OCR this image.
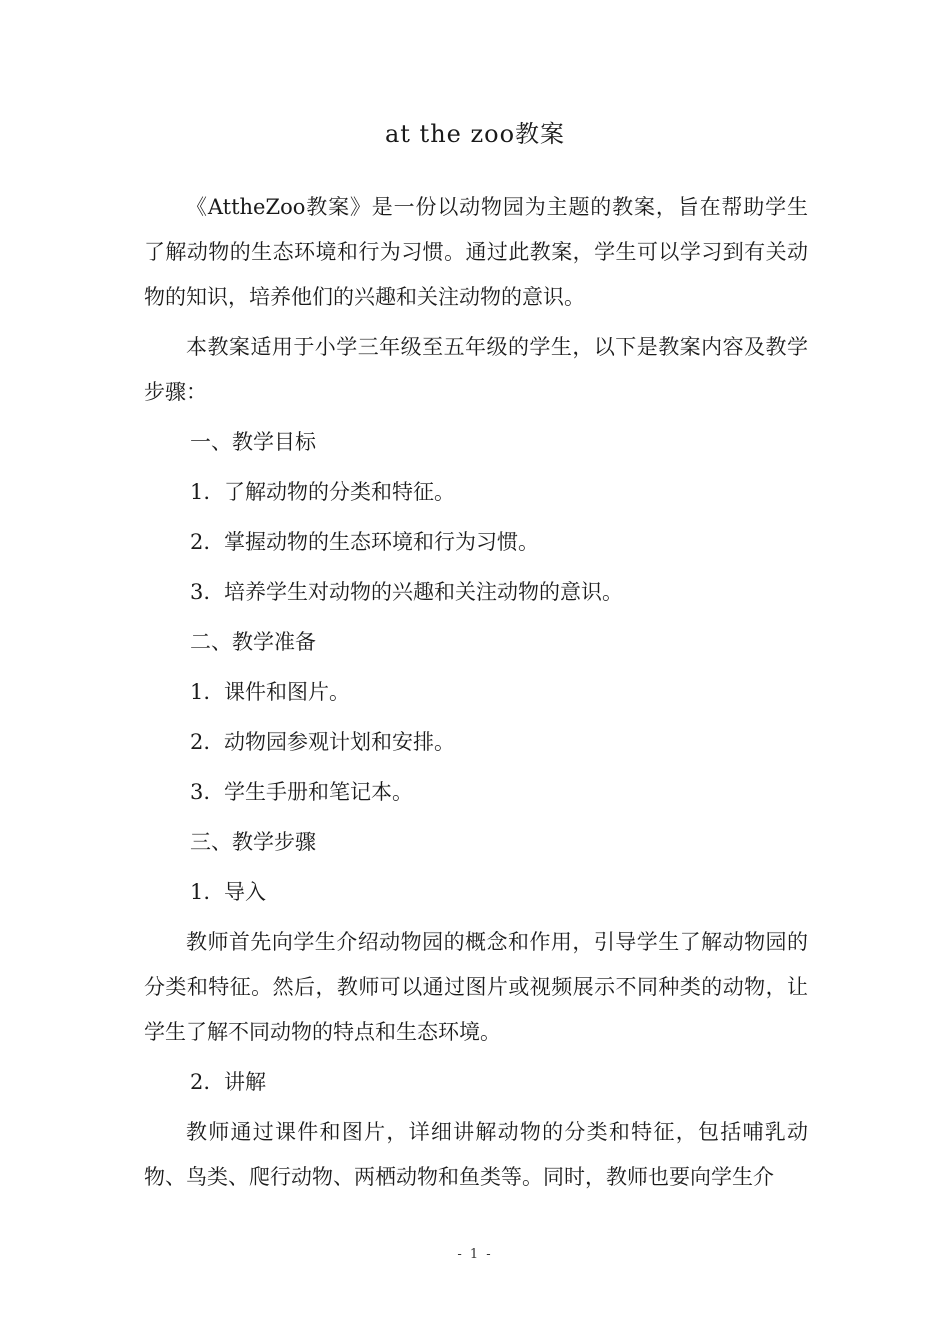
at the zoo教案

《AttheZoo教案》是一份以动物园为主题的教案，旨在帮助学生了解动物的生态环境和行为习惯。通过此教案，学生可以学习到有关动物的知识，培养他们的兴趣和关注动物的意识。

本教案适用于小学三年级至五年级的学生，以下是教案内容及教学步骤：

一、教学目标
1. 了解动物的分类和特征。
2. 掌握动物的生态环境和行为习惯。
3. 培养学生对动物的兴趣和关注动物的意识。
二、教学准备
1. 课件和图片。
2. 动物园参观计划和安排。
3. 学生手册和笔记本。
三、教学步骤
1. 导入

教师首先向学生介绍动物园的概念和作用，引导学生了解动物园的分类和特征。然后，教师可以通过图片或视频展示不同种类的动物，让学生了解不同动物的特点和生态环境。

2. 讲解

教师通过课件和图片，详细讲解动物的分类和特征，包括哺乳动物、鸟类、爬行动物、两栖动物和鱼类等。同时，教师也要向学生介

- 1 -
